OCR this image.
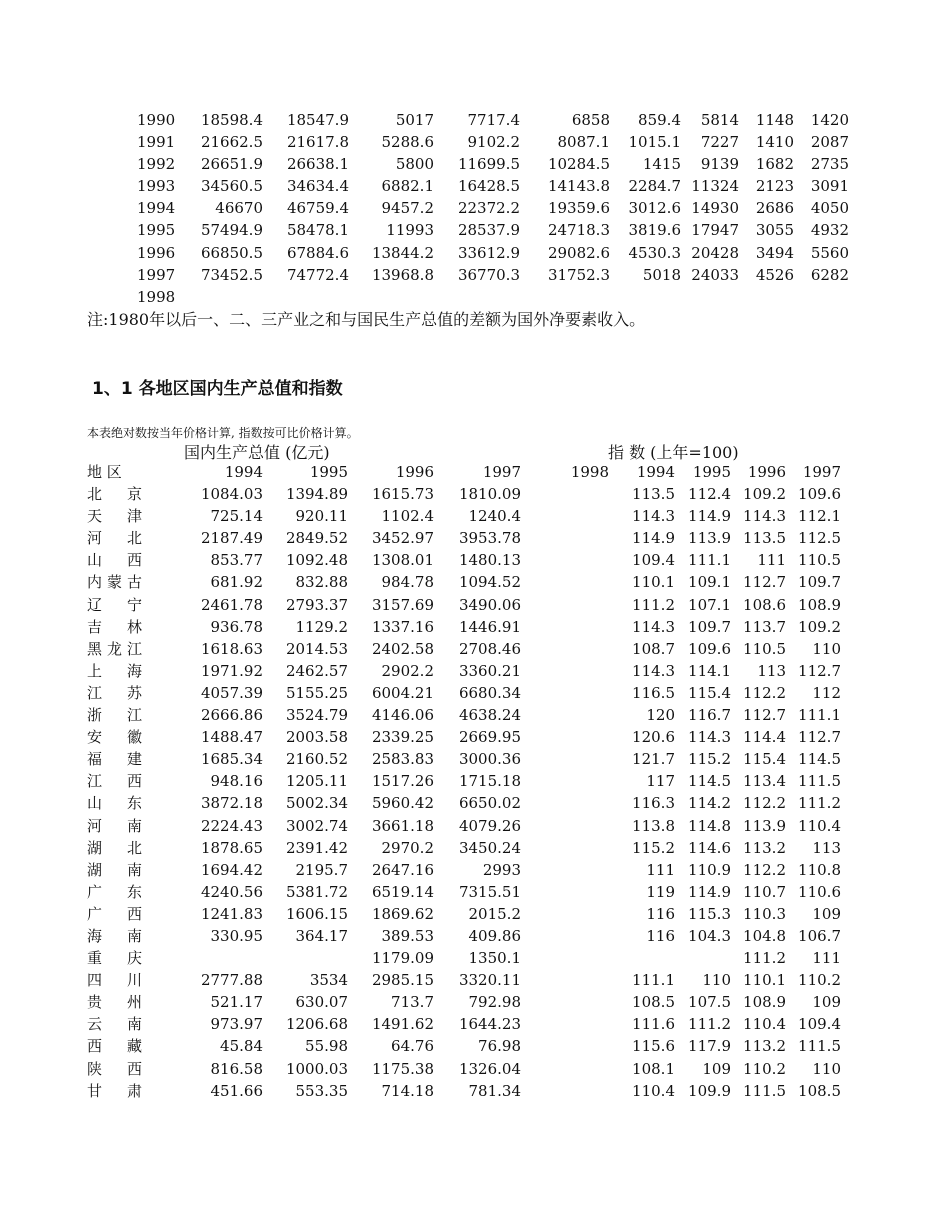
1990	18598.4	18547.9	5017	7717.4	6858	859.4	5814	1148	1420
1991	21662.5	21617.8	5288.6	9102.2	8087.1	1015.1	7227	1410	2087
1992	26651.9	26638.1	5800	11699.5	10284.5	1415	9139	1682	2735
1993	34560.5	34634.4	6882.1	16428.5	14143.8	2284.7	11324	2123	3091
1994	46670	46759.4	9457.2	22372.2	19359.6	3012.6	14930	2686	4050
1995	57494.9	58478.1	11993	28537.9	24718.3	3819.6	17947	3055	4932
1996	66850.5	67884.6	13844.2	33612.9	29082.6	4530.3	20428	3494	5560
1997	73452.5	74772.4	13968.8	36770.3	31752.3	5018	24033	4526	6282
1998									
注:1980年以后一、二、三产业之和与国民生产总值的差额为国外净要素收入。
1、1 各地区国内生产总值和指数
本表绝对数按当年价格计算, 指数按可比价格计算。
国内生产总值 (亿元)	指 数 (上年=100)
地 区	1994	1995	1996	1997	1998	1994	1995	1996	1997
北京	1084.03	1394.89	1615.73	1810.09		113.5	112.4	109.2	109.6
天津	725.14	920.11	1102.4	1240.4		114.3	114.9	114.3	112.1
河北	2187.49	2849.52	3452.97	3953.78		114.9	113.9	113.5	112.5
山西	853.77	1092.48	1308.01	1480.13		109.4	111.1	111	110.5
内蒙古	681.92	832.88	984.78	1094.52		110.1	109.1	112.7	109.7
辽宁	2461.78	2793.37	3157.69	3490.06		111.2	107.1	108.6	108.9
吉林	936.78	1129.2	1337.16	1446.91		114.3	109.7	113.7	109.2
黑龙江	1618.63	2014.53	2402.58	2708.46		108.7	109.6	110.5	110
上海	1971.92	2462.57	2902.2	3360.21		114.3	114.1	113	112.7
江苏	4057.39	5155.25	6004.21	6680.34		116.5	115.4	112.2	112
浙江	2666.86	3524.79	4146.06	4638.24		120	116.7	112.7	111.1
安徽	1488.47	2003.58	2339.25	2669.95		120.6	114.3	114.4	112.7
福建	1685.34	2160.52	2583.83	3000.36		121.7	115.2	115.4	114.5
江西	948.16	1205.11	1517.26	1715.18		117	114.5	113.4	111.5
山东	3872.18	5002.34	5960.42	6650.02		116.3	114.2	112.2	111.2
河南	2224.43	3002.74	3661.18	4079.26		113.8	114.8	113.9	110.4
湖北	1878.65	2391.42	2970.2	3450.24		115.2	114.6	113.2	113
湖南	1694.42	2195.7	2647.16	2993		111	110.9	112.2	110.8
广东	4240.56	5381.72	6519.14	7315.51		119	114.9	110.7	110.6
广西	1241.83	1606.15	1869.62	2015.2		116	115.3	110.3	109
海南	330.95	364.17	389.53	409.86		116	104.3	104.8	106.7
重庆			1179.09	1350.1				111.2	111
四川	2777.88	3534	2985.15	3320.11		111.1	110	110.1	110.2
贵州	521.17	630.07	713.7	792.98		108.5	107.5	108.9	109
云南	973.97	1206.68	1491.62	1644.23		111.6	111.2	110.4	109.4
西藏	45.84	55.98	64.76	76.98		115.6	117.9	113.2	111.5
陕西	816.58	1000.03	1175.38	1326.04		108.1	109	110.2	110
甘肃	451.66	553.35	714.18	781.34		110.4	109.9	111.5	108.5
